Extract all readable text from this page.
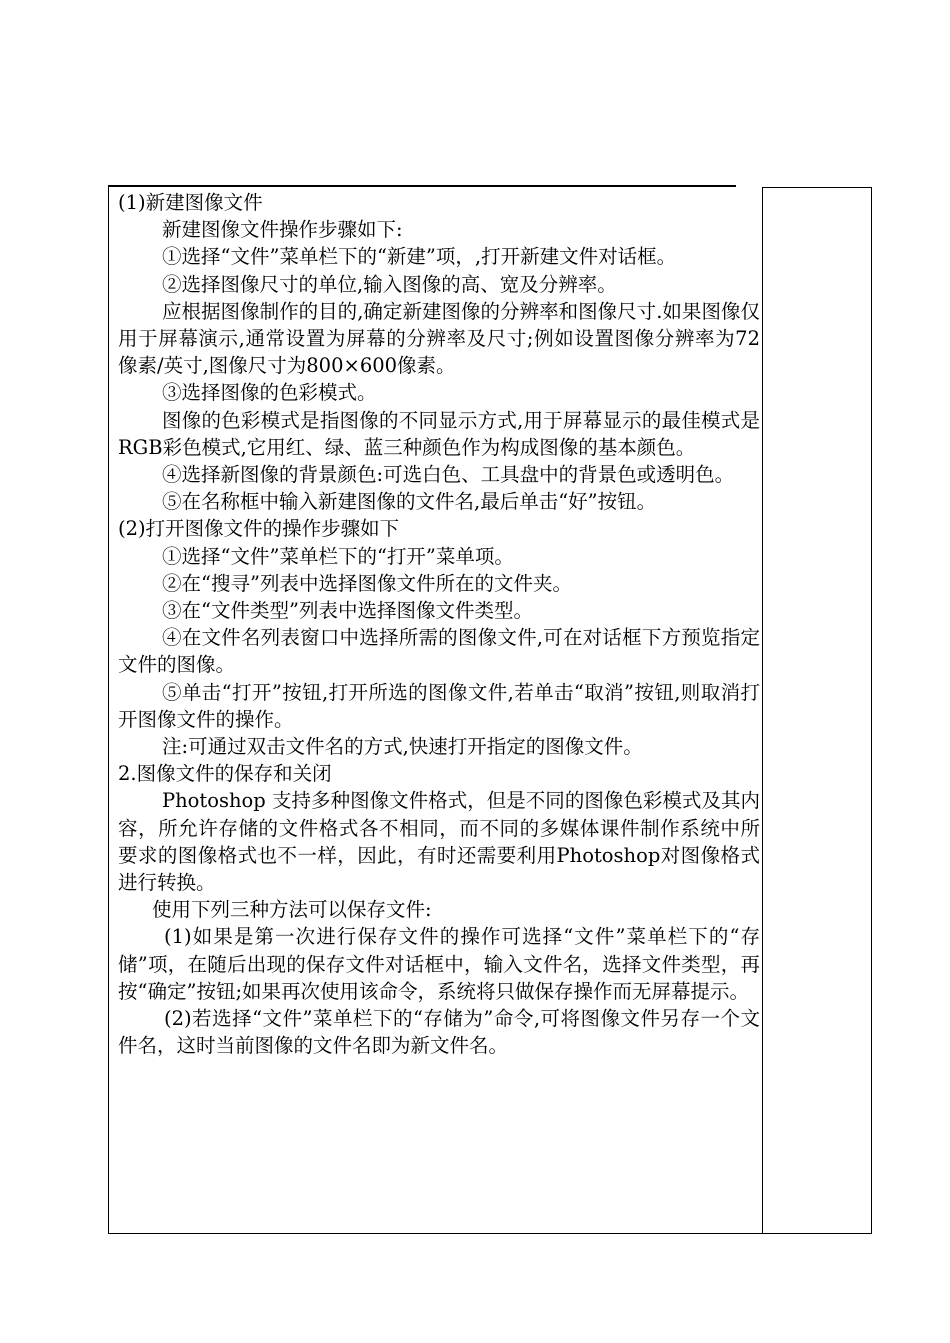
(1)新建图像文件

新建图像文件操作步骤如下:

①选择“文件”菜单栏下的“新建”项，,打开新建文件对话框。

②选择图像尺寸的单位,输入图像的高、宽及分辨率。

应根据图像制作的目的,确定新建图像的分辨率和图像尺寸.如果图像仅用于屏幕演示,通常设置为屏幕的分辨率及尺寸;例如设置图像分辨率为72像素/英寸,图像尺寸为800×600像素。

③选择图像的色彩模式。

图像的色彩模式是指图像的不同显示方式,用于屏幕显示的最佳模式是RGB彩色模式,它用红、绿、蓝三种颜色作为构成图像的基本颜色。

④选择新图像的背景颜色:可选白色、工具盘中的背景色或透明色。

⑤在名称框中输入新建图像的文件名,最后单击“好”按钮。

(2)打开图像文件的操作步骤如下

①选择“文件”菜单栏下的“打开”菜单项。

②在“搜寻”列表中选择图像文件所在的文件夹。

③在“文件类型”列表中选择图像文件类型。

④在文件名列表窗口中选择所需的图像文件,可在对话框下方预览指定文件的图像。

⑤单击“打开”按钮,打开所选的图像文件,若单击“取消”按钮,则取消打开图像文件的操作。

注:可通过双击文件名的方式,快速打开指定的图像文件。

2.图像文件的保存和关闭

Photoshop 支持多种图像文件格式，但是不同的图像色彩模式及其内容，所允许存储的文件格式各不相同，而不同的多媒体课件制作系统中所要求的图像格式也不一样，因此，有时还需要利用Photoshop对图像格式进行转换。

使用下列三种方法可以保存文件:

(1)如果是第一次进行保存文件的操作可选择“文件”菜单栏下的“存储”项，在随后出现的保存文件对话框中，输入文件名，选择文件类型，再按“确定”按钮;如果再次使用该命令，系统将只做保存操作而无屏幕提示。

(2)若选择“文件”菜单栏下的“存储为”命令,可将图像文件另存一个文件名，这时当前图像的文件名即为新文件名。
